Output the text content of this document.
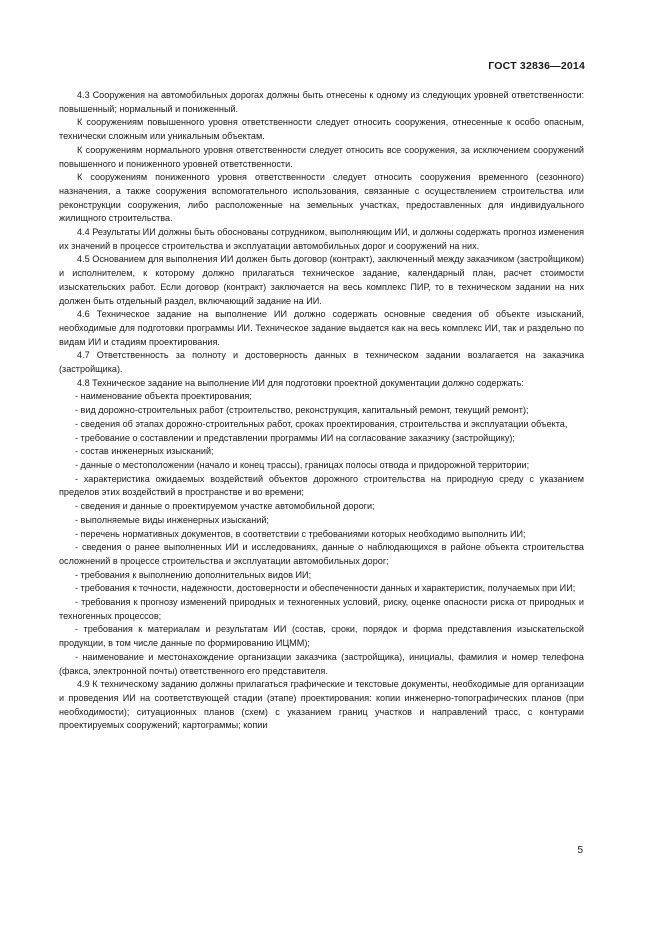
ГОСТ 32836—2014

4.3 Сооружения на автомобильных дорогах должны быть отнесены к одному из следующих уровней ответственности: повышенный; нормальный и пониженный.

К сооружениям повышенного уровня ответственности следует относить сооружения, отнесенные к особо опасным, технически сложным или уникальным объектам.

К сооружениям нормального уровня ответственности следует относить все сооружения, за исключением сооружений повышенного и пониженного уровней ответственности.

К сооружениям пониженного уровня ответственности следует относить сооружения временного (сезонного) назначения, а также сооружения вспомогательного использования, связанные с осуществлением строительства или реконструкции сооружения, либо расположенные на земельных участках, предоставленных для индивидуального жилищного строительства.

4.4 Результаты ИИ должны быть обоснованы сотрудником, выполняющим ИИ, и должны содержать прогноз изменения их значений в процессе строительства и эксплуатации автомобильных дорог и сооружений на них.

4.5 Основанием для выполнения ИИ должен быть договор (контракт), заключенный между заказчиком (застройщиком) и исполнителем, к которому должно прилагаться техническое задание, календарный план, расчет стоимости изыскательских работ. Если договор (контракт) заключается на весь комплекс ПИР, то в техническом задании на них должен быть отдельный раздел, включающий задание на ИИ.

4.6 Техническое задание на выполнение ИИ должно содержать основные сведения об объекте изысканий, необходимые для подготовки программы ИИ. Техническое задание выдается как на весь комплекс ИИ, так и раздельно по видам ИИ и стадиям проектирования.

4.7 Ответственность за полноту и достоверность данных в техническом задании возлагается на заказчика (застройщика).

4.8 Техническое задание на выполнение ИИ для подготовки проектной документации должно содержать:

- наименование объекта проектирования;

- вид дорожно-строительных работ (строительство, реконструкция, капитальный ремонт, текущий ремонт);

- сведения об этапах дорожно-строительных работ, сроках проектирования, строительства и эксплуатации объекта,

- требование о составлении и представлении программы ИИ на согласование заказчику (застройщику);

- состав инженерных изысканий;

- данные о местоположении (начало и конец трассы), границах полосы отвода и придорожной территории;

- характеристика ожидаемых воздействий объектов дорожного строительства на природную среду с указанием пределов этих воздействий в пространстве и во времени;

- сведения и данные о проектируемом участке автомобильной дороги;

- выполняемые виды инженерных изысканий;

- перечень нормативных документов, в соответствии с требованиями которых необходимо выполнить ИИ;

- сведения о ранее выполненных ИИ и исследованиях, данные о наблюдающихся в районе объекта строительства осложнений в процессе строительства и эксплуатации автомобильных дорог;

- требования к выполнению дополнительных видов ИИ;

- требования к точности, надежности, достоверности и обеспеченности данных и характеристик, получаемых при ИИ;

- требования к прогнозу изменений природных и техногенных условий, риску, оценке опасности риска от природных и техногенных процессов;

- требования к материалам и результатам ИИ (состав, сроки, порядок и форма представления изыскательской продукции, в том числе данные по формированию ИЦММ);

- наименование и местонахождение организации заказчика (застройщика), инициалы, фамилия и номер телефона (факса, электронной почты) ответственного его представителя.

4.9 К техническому заданию должны прилагаться графические и текстовые документы, необходимые для организации и проведения ИИ на соответствующей стадии (этапе) проектирования: копии инженерно-топографических планов (при необходимости); ситуационных планов (схем) с указанием границ участков и направлений трасс, с контурами проектируемых сооружений; картограммы; копии

5
